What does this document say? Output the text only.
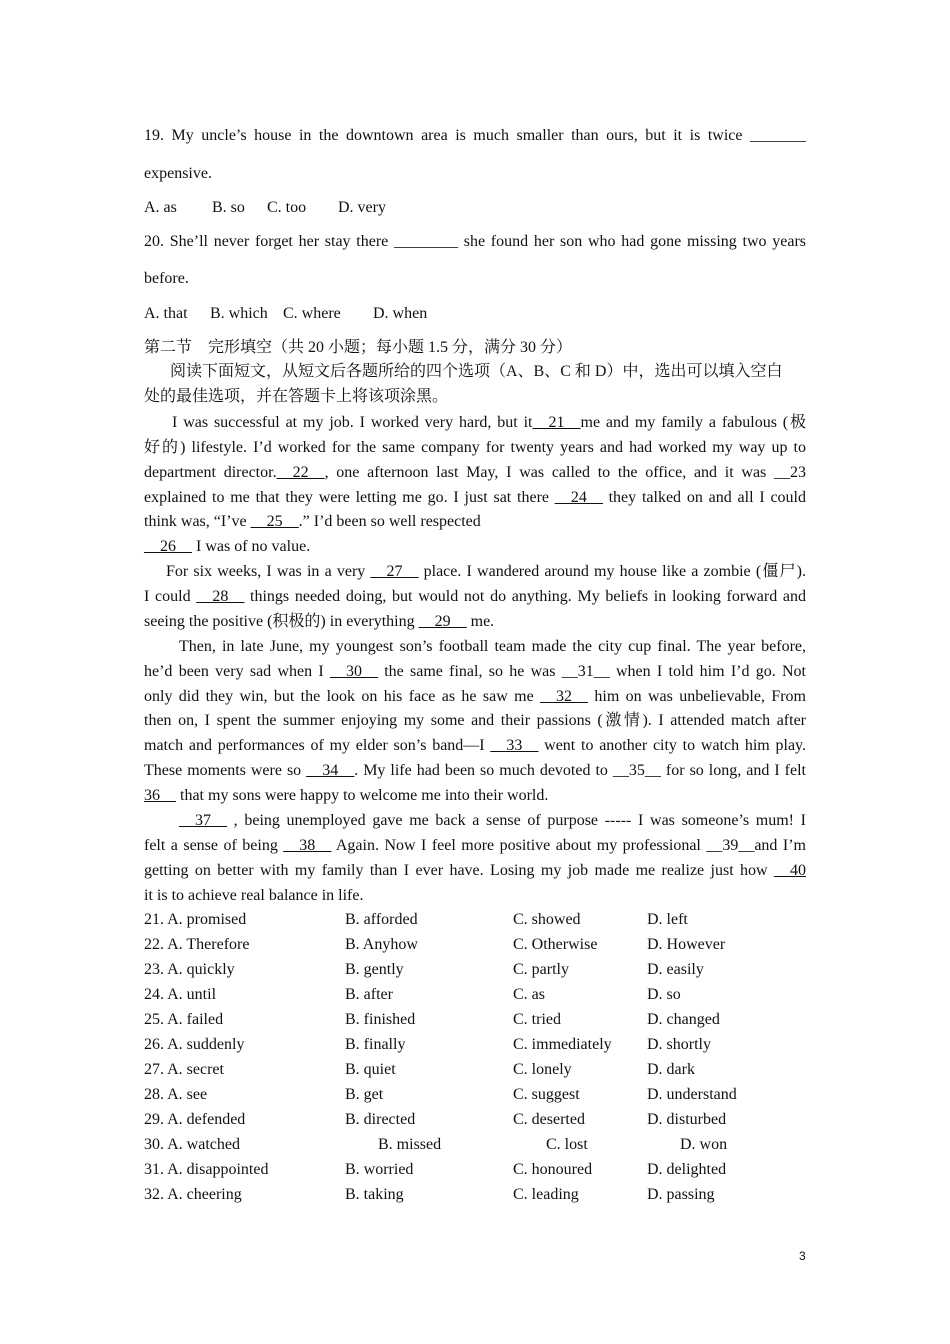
19. My uncle’s house in the downtown area is much smaller than ours, but it is twice _______
expensive.
A. as B. so C. too D. very
20. She’ll never forget her stay there ________ she found her son who had gone missing two years
before.
A. that B. which C. where D. when
第二节　完形填空（共 20 小题；每小题 1.5 分，满分 30 分）
阅读下面短文，从短文后各题所给的四个选项（A、B、C 和 D）中，选出可以填入空白
处的最佳选项，并在答题卡上将该项涂黑。
I was successful at my job. I worked very hard, but it__21__me and my family a fabulous (极
好的) lifestyle. I’d worked for the same company for twenty years and had worked my way up to
department director.__22__, one afternoon last May, I was called to the office, and it was __23
explained to me that they were letting me go. I just sat there __24__ they talked on and all I could
think was, “I’ve __25__.” I’d been so well respected
__26__ I was of no value.
For six weeks, I was in a very __27__ place. I wandered around my house like a zombie (僵尸).
I could __28__ things needed doing, but would not do anything. My beliefs in looking forward and
seeing the positive (积极的) in everything __29__ me.
Then, in late June, my youngest son’s football team made the city cup final. The year before,
he’d been very sad when I __30__ the same final, so he was __31__ when I told him I’d go. Not
only did they win, but the look on his face as he saw me __32__ him on was unbelievable, From
then on, I spent the summer enjoying my some and their passions (激情). I attended match after
match and performances of my elder son’s band—I __33__ went to another city to watch him play.
These moments were so __34__. My life had been so much devoted to __35__ for so long, and I felt
36__ that my sons were happy to welcome me into their world.
__37__ , being unemployed gave me back a sense of purpose ----- I was someone’s mum! I
felt a sense of being __38__ Again. Now I feel more positive about my professional __39__and I’m
getting on better with my family than I ever have. Losing my job made me realize just how __40
it is to achieve real balance in life.
21. A. promised	B. afforded	C. showed	D. left
22. A. Therefore	B. Anyhow	C. Otherwise	D. However
23. A. quickly	B. gently	C. partly	D. easily
24. A. until	B. after	C. as	D. so
25. A. failed	B. finished	C. tried	D. changed
26. A. suddenly	B. finally	C. immediately D. shortly
27. A. secret	B. quiet	C. lonely	D. dark
28. A. see	B. get	C. suggest	D. understand
29. A. defended	B. directed	C. deserted	D. disturbed
30. A. watched	B. missed	C. lost	D. won
31. A. disappointed	B. worried	C. honoured	D. delighted
32. A. cheering	B. taking	C. leading	D. passing
3
